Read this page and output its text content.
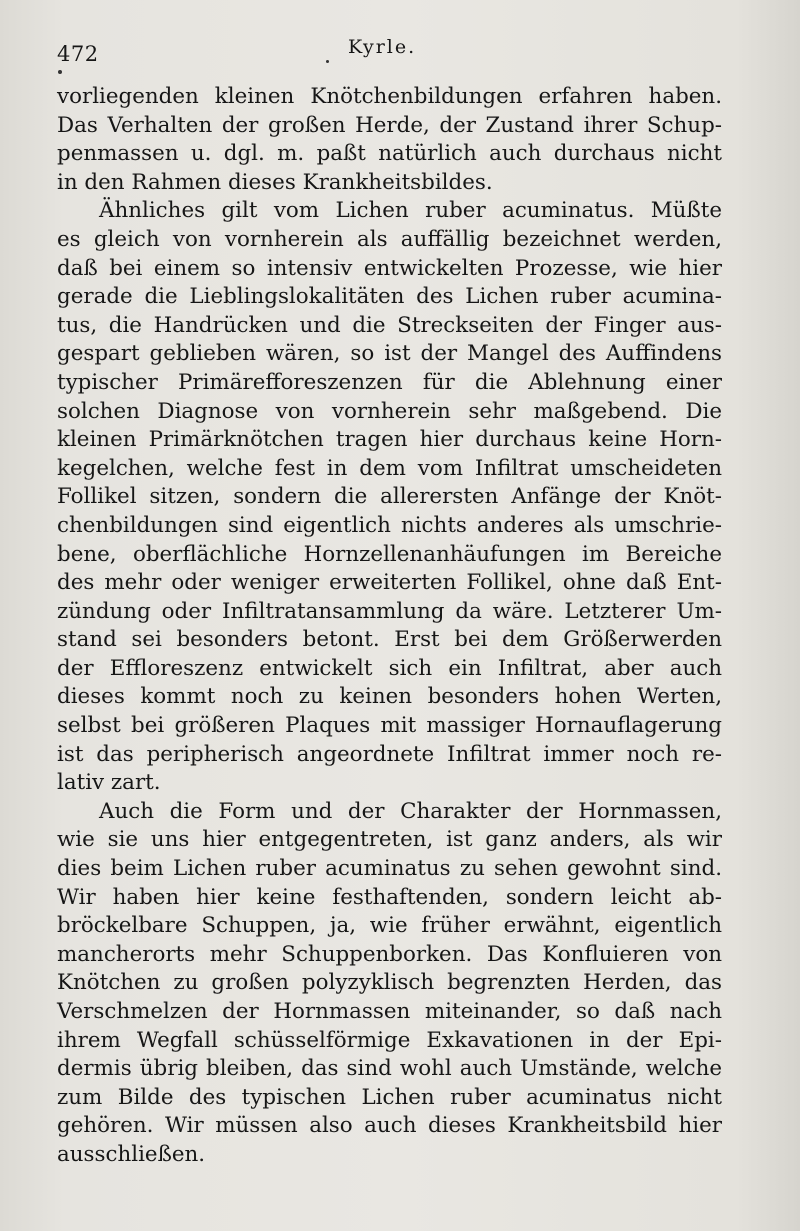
472	Kyrle.
vorliegenden kleinen Knötchenbildungen erfahren haben.
Das Verhalten der großen Herde, der Zustand ihrer Schup-
penmassen u. dgl. m. paßt natürlich auch durchaus nicht
in den Rahmen dieses Krankheitsbildes.
Ähnliches gilt vom Lichen ruber acuminatus. Müßte
es gleich von vornherein als auffällig bezeichnet werden,
daß bei einem so intensiv entwickelten Prozesse, wie hier
gerade die Lieblingslokalitäten des Lichen ruber acumina-
tus, die Handrücken und die Streckseiten der Finger aus-
gespart geblieben wären, so ist der Mangel des Auffindens
typischer Primärefforeszenzen für die Ablehnung einer
solchen Diagnose von vornherein sehr maßgebend. Die
kleinen Primärknötchen tragen hier durchaus keine Horn-
kegelchen, welche fest in dem vom Infiltrat umscheideten
Follikel sitzen, sondern die allerersten Anfänge der Knöt-
chenbildungen sind eigentlich nichts anderes als umschrie-
bene, oberflächliche Hornzellenanhäufungen im Bereiche
des mehr oder weniger erweiterten Follikel, ohne daß Ent-
zündung oder Infiltratansammlung da wäre. Letzterer Um-
stand sei besonders betont. Erst bei dem Größerwerden
der Effloreszenz entwickelt sich ein Infiltrat, aber auch
dieses kommt noch zu keinen besonders hohen Werten,
selbst bei größeren Plaques mit massiger Hornauflagerung
ist das peripherisch angeordnete Infiltrat immer noch re-
lativ zart.
Auch die Form und der Charakter der Hornmassen,
wie sie uns hier entgegentreten, ist ganz anders, als wir
dies beim Lichen ruber acuminatus zu sehen gewohnt sind.
Wir haben hier keine festhaftenden, sondern leicht ab-
bröckelbare Schuppen, ja, wie früher erwähnt, eigentlich
mancherorts mehr Schuppenborken. Das Konfluieren von
Knötchen zu großen polyzyklisch begrenzten Herden, das
Verschmelzen der Hornmassen miteinander, so daß nach
ihrem Wegfall schüsselförmige Exkavationen in der Epi-
dermis übrig bleiben, das sind wohl auch Umstände, welche
zum Bilde des typischen Lichen ruber acuminatus nicht
gehören. Wir müssen also auch dieses Krankheitsbild hier
ausschließen.
